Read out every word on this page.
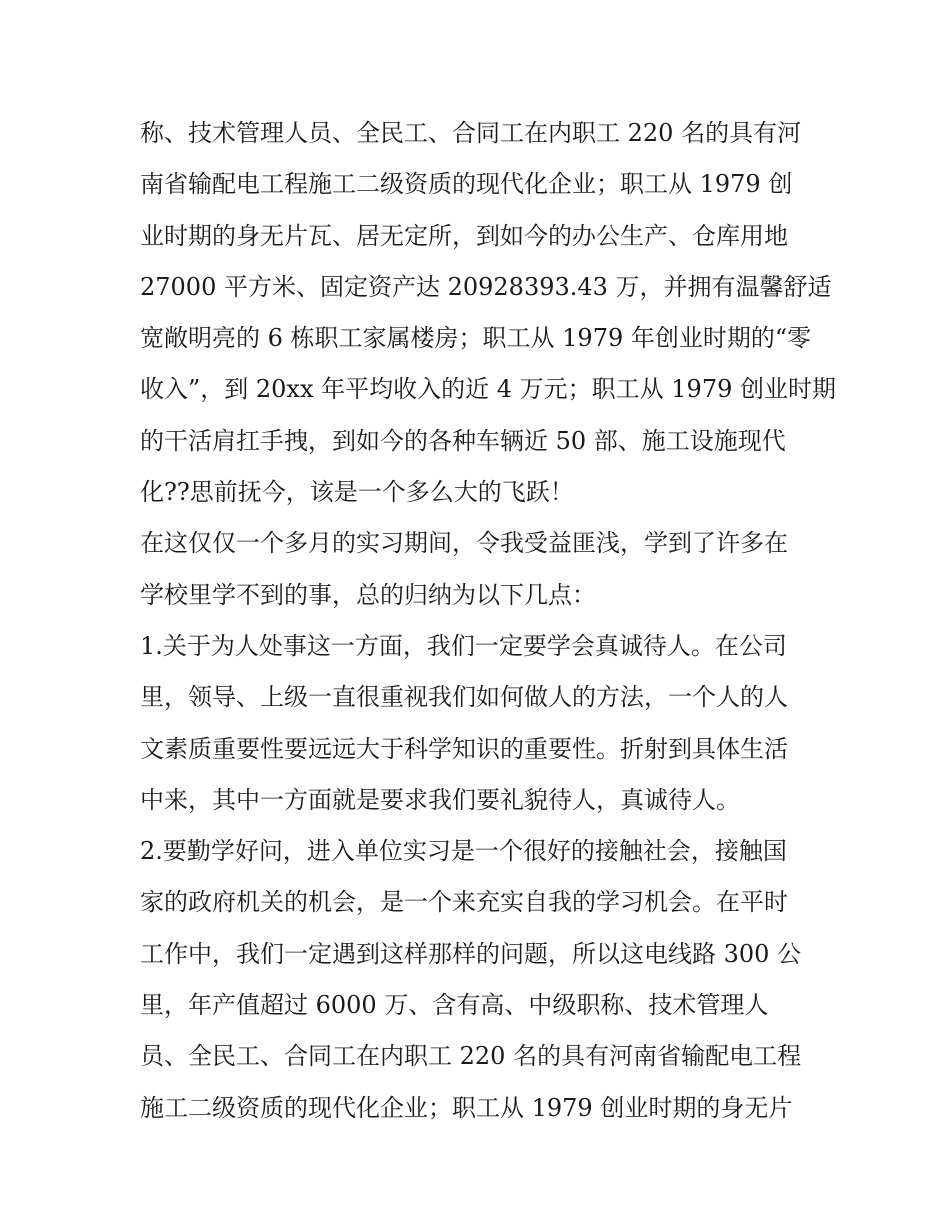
称、技术管理人员、全民工、合同工在内职工 220 名的具有河
南省输配电工程施工二级资质的现代化企业；职工从 1979 创
业时期的身无片瓦、居无定所，到如今的办公生产、仓库用地
27000 平方米、固定资产达 20928393.43 万，并拥有温馨舒适
宽敞明亮的 6 栋职工家属楼房；职工从 1979 年创业时期的“零
收入”，到 20xx 年平均收入的近 4 万元；职工从 1979 创业时期
的干活肩扛手拽，到如今的各种车辆近 50 部、施工设施现代
化??思前抚今，该是一个多么大的飞跃！
在这仅仅一个多月的实习期间，令我受益匪浅，学到了许多在
学校里学不到的事，总的归纳为以下几点：
1.关于为人处事这一方面，我们一定要学会真诚待人。在公司
里，领导、上级一直很重视我们如何做人的方法，一个人的人
文素质重要性要远远大于科学知识的重要性。折射到具体生活
中来，其中一方面就是要求我们要礼貌待人，真诚待人。
2.要勤学好问，进入单位实习是一个很好的接触社会，接触国
家的政府机关的机会，是一个来充实自我的学习机会。在平时
工作中，我们一定遇到这样那样的问题，所以这电线路 300 公
里，年产值超过 6000 万、含有高、中级职称、技术管理人
员、全民工、合同工在内职工 220 名的具有河南省输配电工程
施工二级资质的现代化企业；职工从 1979 创业时期的身无片
